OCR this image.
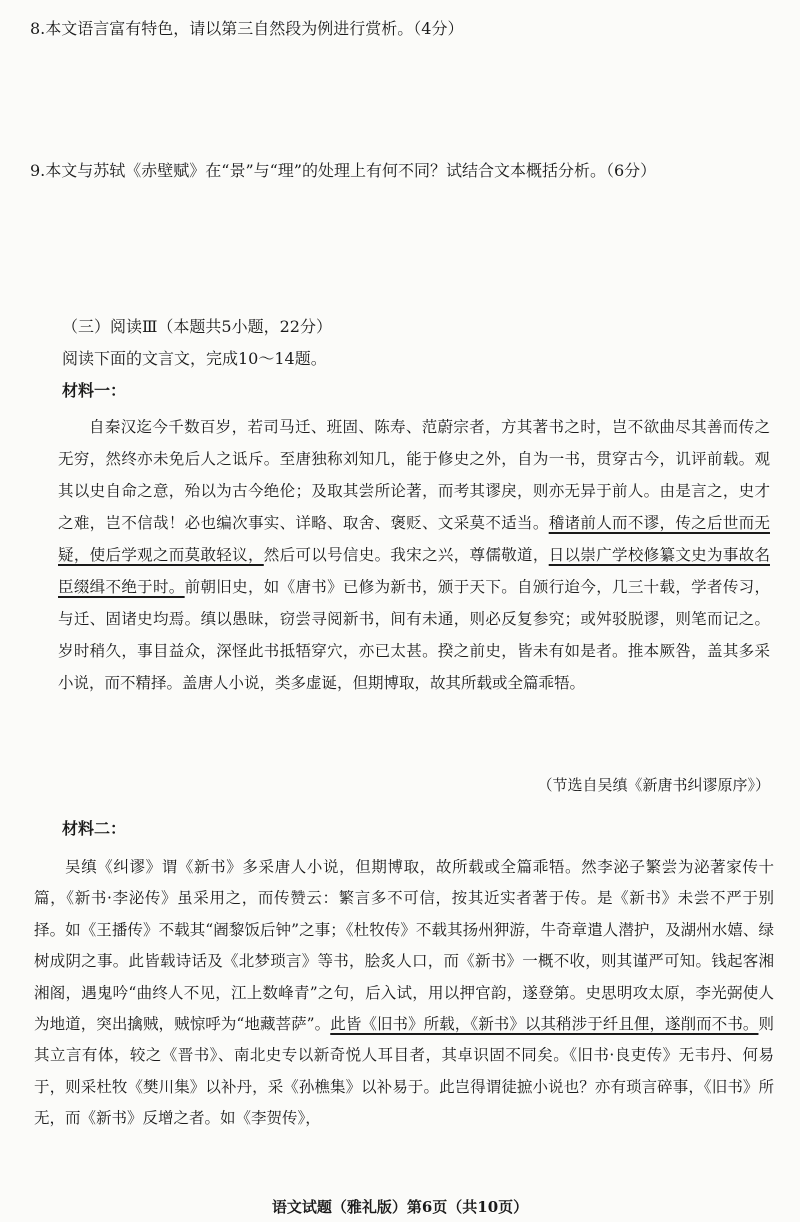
8.本文语言富有特色，请以第三自然段为例进行赏析。（4分）
9.本文与苏轼《赤壁赋》在“景”与“理”的处理上有何不同？试结合文本概括分析。（6分）
（三）阅读Ⅲ（本题共5小题，22分）
阅读下面的文言文，完成10～14题。
材料一：
自秦汉迄今千数百岁，若司马迁、班固、陈寿、范蔚宗者，方其著书之时，岂不欲曲尽其善而传之无穷，然终亦未免后人之诋斥。至唐独称刘知几，能于修史之外，自为一书，贯穿古今，讥评前载。观其以史自命之意，殆以为古今绝伦；及取其尝所论著，而考其谬戾，则亦无异于前人。由是言之，史才之难，岂不信哉！必也编次事实、详略、取舍、褒贬、文采莫不适当。稽诸前人而不谬，传之后世而无疑，使后学观之而莫敢轻议，然后可以号信史。我宋之兴，尊儒敬道，日以崇广学校修纂文史为事故名臣缀缉不绝于时。前朝旧史，如《唐书》已修为新书，颁于天下。自颁行迨今，几三十载，学者传习，与迁、固诸史均焉。缜以愚昧，窃尝寻阅新书，间有未通，则必反复参究；或舛驳脱谬，则笔而记之。岁时稍久，事目益众，深怪此书抵牾穿穴，亦已太甚。揆之前史，皆未有如是者。推本厥咎，盖其多采小说，而不精择。盖唐人小说，类多虚诞，但期博取，故其所载或全篇乖牾。
（节选自吴缜《新唐书纠谬原序》）
材料二：
吴缜《纠谬》谓《新书》多采唐人小说，但期博取，故所载或全篇乖牾。然李泌子繁尝为泌著家传十篇，《新书·李泌传》虽采用之，而传赞云：繁言多不可信，按其近实者著于传。是《新书》未尝不严于别择。如《王播传》不载其“阇黎饭后钟”之事；《杜牧传》不载其扬州狎游，牛奇章遣人潜护，及湖州水嬉、绿树成阴之事。此皆载诗话及《北梦琐言》等书，脍炙人口，而《新书》一概不收，则其谨严可知。钱起客湘湘阁，遇鬼吟“曲终人不见，江上数峰青”之句，后入试，用以押官韵，遂登第。史思明攻太原，李光弼使人为地道，突出擒贼，贼惊呼为“地藏菩萨”。此皆《旧书》所载，《新书》以其稍涉于纤且俚，遂削而不书。则其立言有体，较之《晋书》、南北史专以新奇悦人耳目者，其卓识固不同矣。《旧书·良吏传》无韦丹、何易于，则采杜牧《樊川集》以补丹，采《孙樵集》以补易于。此岂得谓徒摭小说也？亦有琐言碎事，《旧书》所无，而《新书》反增之者。如《李贺传》，
语文试题（雅礼版）第6页（共10页）
